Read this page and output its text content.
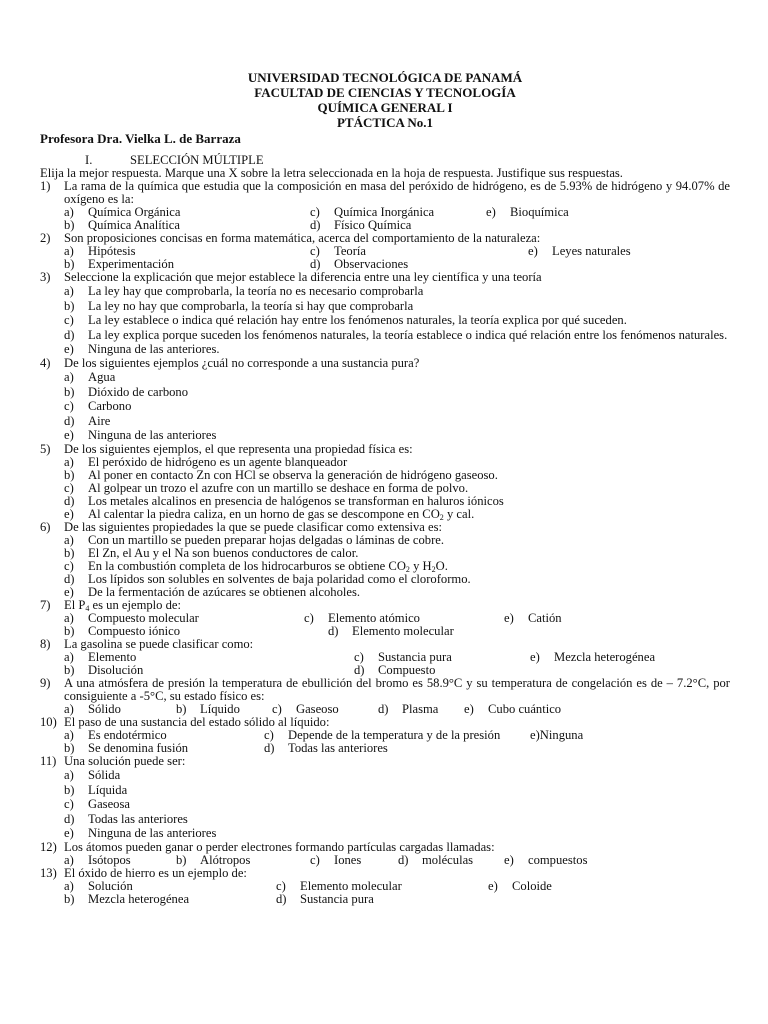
UNIVERSIDAD TECNOLÓGICA DE PANAMÁ
FACULTAD DE CIENCIAS Y TECNOLOGÍA
QUÍMICA GENERAL I
PTÁCTICA No.1
Profesora Dra. Vielka L. de Barraza
I.	SELECCIÓN MÚLTIPLE
Elija la mejor respuesta. Marque una X sobre la letra seleccionada en la hoja de respuesta. Justifique sus respuestas.
1)	La rama de la química que estudia que la composición en masa del peróxido de hidrógeno, es de 5.93% de hidrógeno y 94.07% de oxígeno es la:
a)	Química Orgánica	c)	Química Inorgánica	e)	Bioquímica
b)	Química Analítica	d)	Físico Química
2)	Son proposiciones concisas en forma matemática, acerca del comportamiento de la naturaleza:
a)	Hipótesis	c)	Teoría	e)	Leyes naturales
b)	Experimentación	d)	Observaciones
3)	Seleccione la explicación que mejor establece la diferencia entre una ley científica y una teoría
a)	La ley hay que comprobarla, la teoría no es necesario comprobarla
b)	La ley no hay que comprobarla, la teoría si hay que comprobarla
c)	La ley establece o indica qué relación hay entre los fenómenos naturales, la teoría explica por qué suceden.
d)	La ley explica porque suceden los fenómenos naturales, la teoría establece o indica qué relación entre los fenómenos naturales.
e)	Ninguna de las anteriores.
4)	De los siguientes ejemplos ¿cuál no corresponde a una sustancia pura?
a)	Agua
b)	Dióxido de carbono
c)	Carbono
d)	Aire
e)	Ninguna de las anteriores
5)	De los siguientes ejemplos, el que representa una propiedad física es:
a)	El peróxido de hidrógeno es un agente blanqueador
b)	Al poner en contacto Zn con HCl se observa la generación de hidrógeno gaseoso.
c)	Al golpear un trozo el azufre con un martillo se deshace en forma de polvo.
d)	Los metales alcalinos en presencia de halógenos se transforman en haluros iónicos
e)	Al calentar la piedra caliza, en un horno de gas se descompone en $CO_2$ y cal.
6)	De las siguientes propiedades la que se puede clasificar como extensiva es:
a)	Con un martillo se pueden preparar hojas delgadas o láminas de cobre.
b)	El Zn, el Au y el Na son buenos conductores de calor.
c)	En la combustión completa de los hidrocarburos se obtiene $CO_2$ y $H_2O$.
d)	Los lípidos son solubles en solventes de baja polaridad como el cloroformo.
e)	De la fermentación de azúcares se obtienen alcoholes.
7)	El $P_4$ es un ejemplo de:
a)	Compuesto molecular	c)	Elemento atómico	e)	Catión
b)	Compuesto iónico	d)	Elemento molecular
8)	La gasolina se puede clasificar como:
a)	Elemento	c)	Sustancia pura	e)	Mezcla heterogénea
b)	Disolución	d)	Compuesto
9)	A una atmósfera de presión la temperatura de ebullición del bromo es 58.9°C y su temperatura de congelación es de – 7.2°C, por consiguiente a -5°C, su estado físico es:
a)	Sólido	b)	Líquido	c)	Gaseoso	d)	Plasma e)	Cubo cuántico
10) El paso de una sustancia del estado sólido al líquido:
a)	Es endotérmico	c)	Depende de la temperatura y de la presión e) Ninguna
b)	Se denomina fusión	d)	Todas las anteriores
11) Una solución puede ser:
a)	Sólida
b)	Líquida
c)	Gaseosa
d)	Todas las anteriores
e)	Ninguna de las anteriores
12) Los átomos pueden ganar o perder electrones formando partículas cargadas llamadas:
a)	Isótopos	b)	Alótropos	c)	Iones	d)	moléculas e)	compuestos
13) El óxido de hierro es un ejemplo de:
a)	Solución	c)	Elemento molecular	e)	Coloide
b)	Mezcla heterogénea	d)	Sustancia pura
